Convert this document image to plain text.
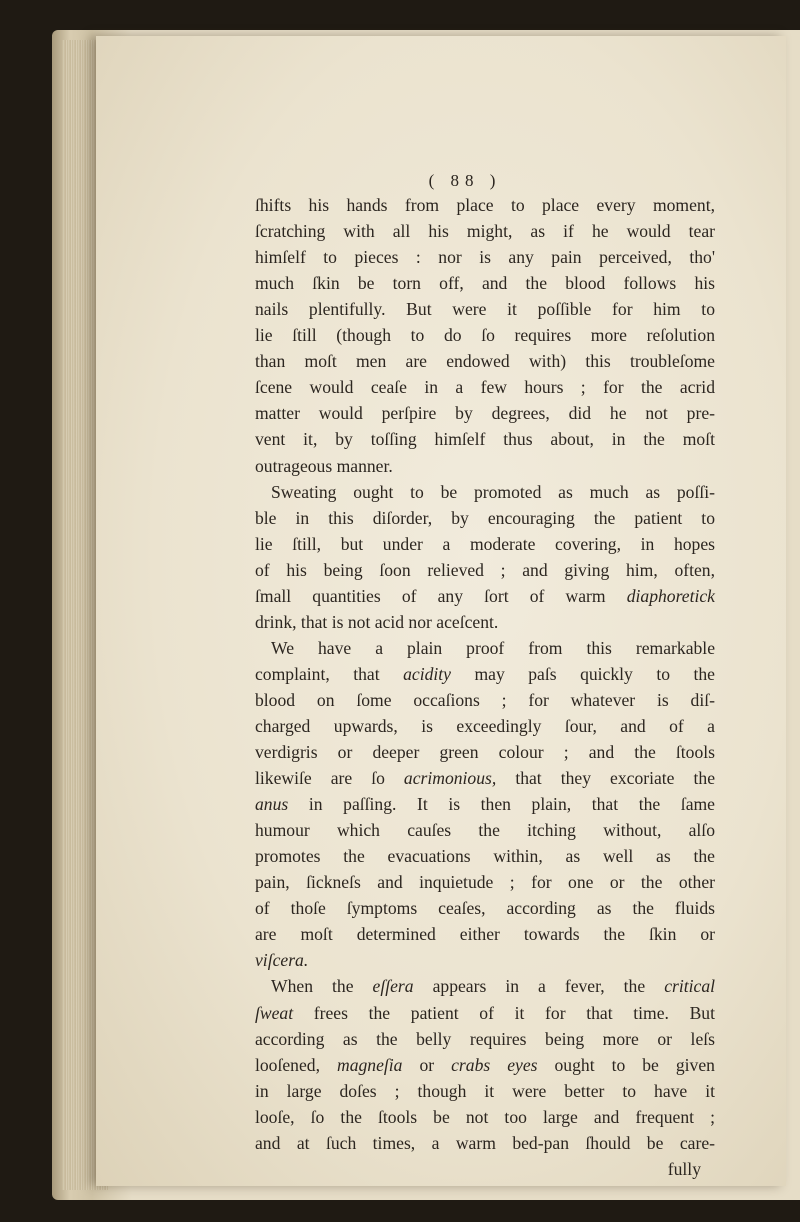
( 88 )
ſhifts his hands from place to place every moment,
ſcratching with all his might, as if he would tear
himſelf to pieces : nor is any pain perceived, tho'
much ſkin be torn off, and the blood follows his
nails plentifully. But were it poſſible for him to
lie ſtill (though to do ſo requires more reſolution
than moſt men are endowed with) this troubleſome
ſcene would ceaſe in a few hours ; for the acrid
matter would perſpire by degrees, did he not pre-
vent it, by toſſing himſelf thus about, in the moſt
outrageous manner.
Sweating ought to be promoted as much as poſſi-
ble in this diſorder, by encouraging the patient to
lie ſtill, but under a moderate covering, in hopes
of his being ſoon relieved ; and giving him, often,
ſmall quantities of any ſort of warm diaphoretick
drink, that is not acid nor aceſcent.
We have a plain proof from this remarkable
complaint, that acidity may paſs quickly to the
blood on ſome occaſions ; for whatever is diſ-
charged upwards, is exceedingly ſour, and of a
verdigris or deeper green colour ; and the ſtools
likewiſe are ſo acrimonious, that they excoriate the
anus in paſſing. It is then plain, that the ſame
humour which cauſes the itching without, alſo
promotes the evacuations within, as well as the
pain, ſickneſs and inquietude ; for one or the other
of thoſe ſymptoms ceaſes, according as the fluids
are moſt determined either towards the ſkin or
viſcera.
When the eſſera appears in a fever, the critical
ſweat frees the patient of it for that time. But
according as the belly requires being more or leſs
looſened, magneſia or crabs eyes ought to be given
in large doſes ; though it were better to have it
looſe, ſo the ſtools be not too large and frequent ;
and at ſuch times, a warm bed-pan ſhould be care-
fully
